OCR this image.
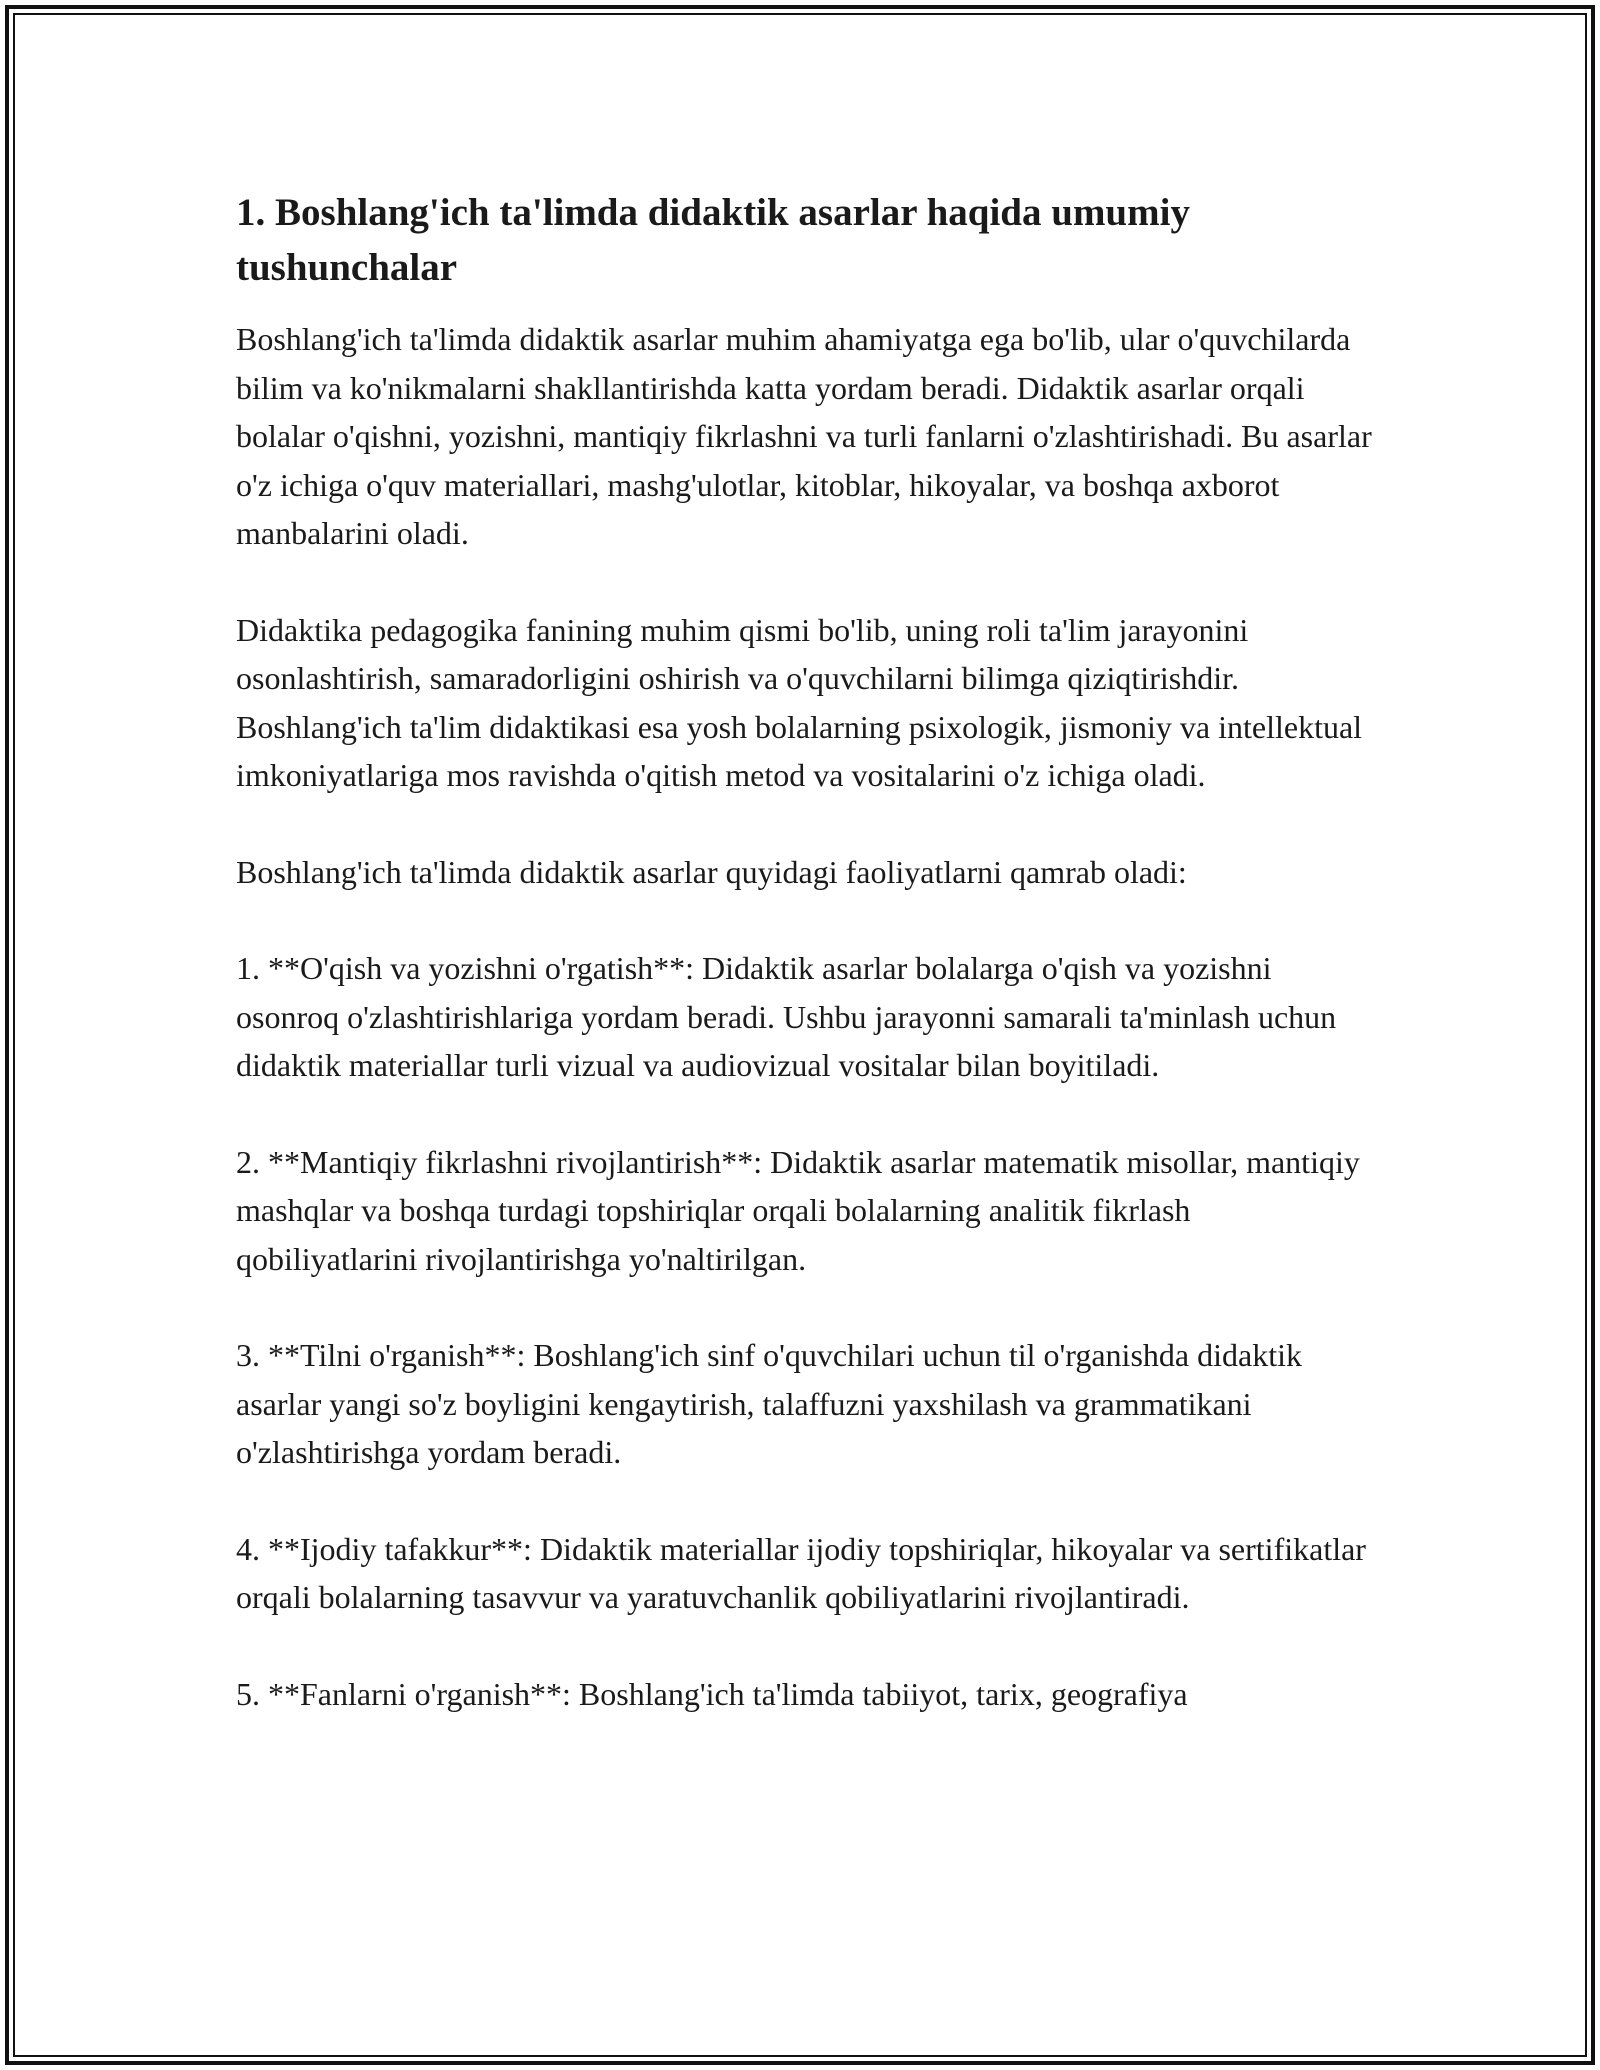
1. Boshlang'ich ta'limda didaktik asarlar haqida umumiy tushunchalar

Boshlang'ich ta'limda didaktik asarlar muhim ahamiyatga ega bo'lib, ular o'quvchilarda bilim va ko'nikmalarni shakllantirishda katta yordam beradi. Didaktik asarlar orqali bolalar o'qishni, yozishni, mantiqiy fikrlashni va turli fanlarni o'zlashtirishadi. Bu asarlar o'z ichiga o'quv materiallari, mashg'ulotlar, kitoblar, hikoyalar, va boshqa axborot manbalarini oladi.

Didaktika pedagogika fanining muhim qismi bo'lib, uning roli ta'lim jarayonini osonlashtirish, samaradorligini oshirish va o'quvchilarni bilimga qiziqtirishdir. Boshlang'ich ta'lim didaktikasi esa yosh bolalarning psixologik, jismoniy va intellektual imkoniyatlariga mos ravishda o'qitish metod va vositalarini o'z ichiga oladi.

Boshlang'ich ta'limda didaktik asarlar quyidagi faoliyatlarni qamrab oladi:

1. **O'qish va yozishni o'rgatish**: Didaktik asarlar bolalarga o'qish va yozishni osonroq o'zlashtirishlariga yordam beradi. Ushbu jarayonni samarali ta'minlash uchun didaktik materiallar turli vizual va audiovizual vositalar bilan boyitiladi.

2. **Mantiqiy fikrlashni rivojlantirish**: Didaktik asarlar matematik misollar, mantiqiy mashqlar va boshqa turdagi topshiriqlar orqali bolalarning analitik fikrlash qobiliyatlarini rivojlantirishga yo'naltirilgan.

3. **Tilni o'rganish**: Boshlang'ich sinf o'quvchilari uchun til o'rganishda didaktik asarlar yangi so'z boyligini kengaytirish, talaffuzni yaxshilash va grammatikani o'zlashtirishga yordam beradi.

4. **Ijodiy tafakkur**: Didaktik materiallar ijodiy topshiriqlar, hikoyalar va sertifikatlar orqali bolalarning tasavvur va yaratuvchanlik qobiliyatlarini rivojlantiradi.

5. **Fanlarni o'rganish**: Boshlang'ich ta'limda tabiiyot, tarix, geografiya
